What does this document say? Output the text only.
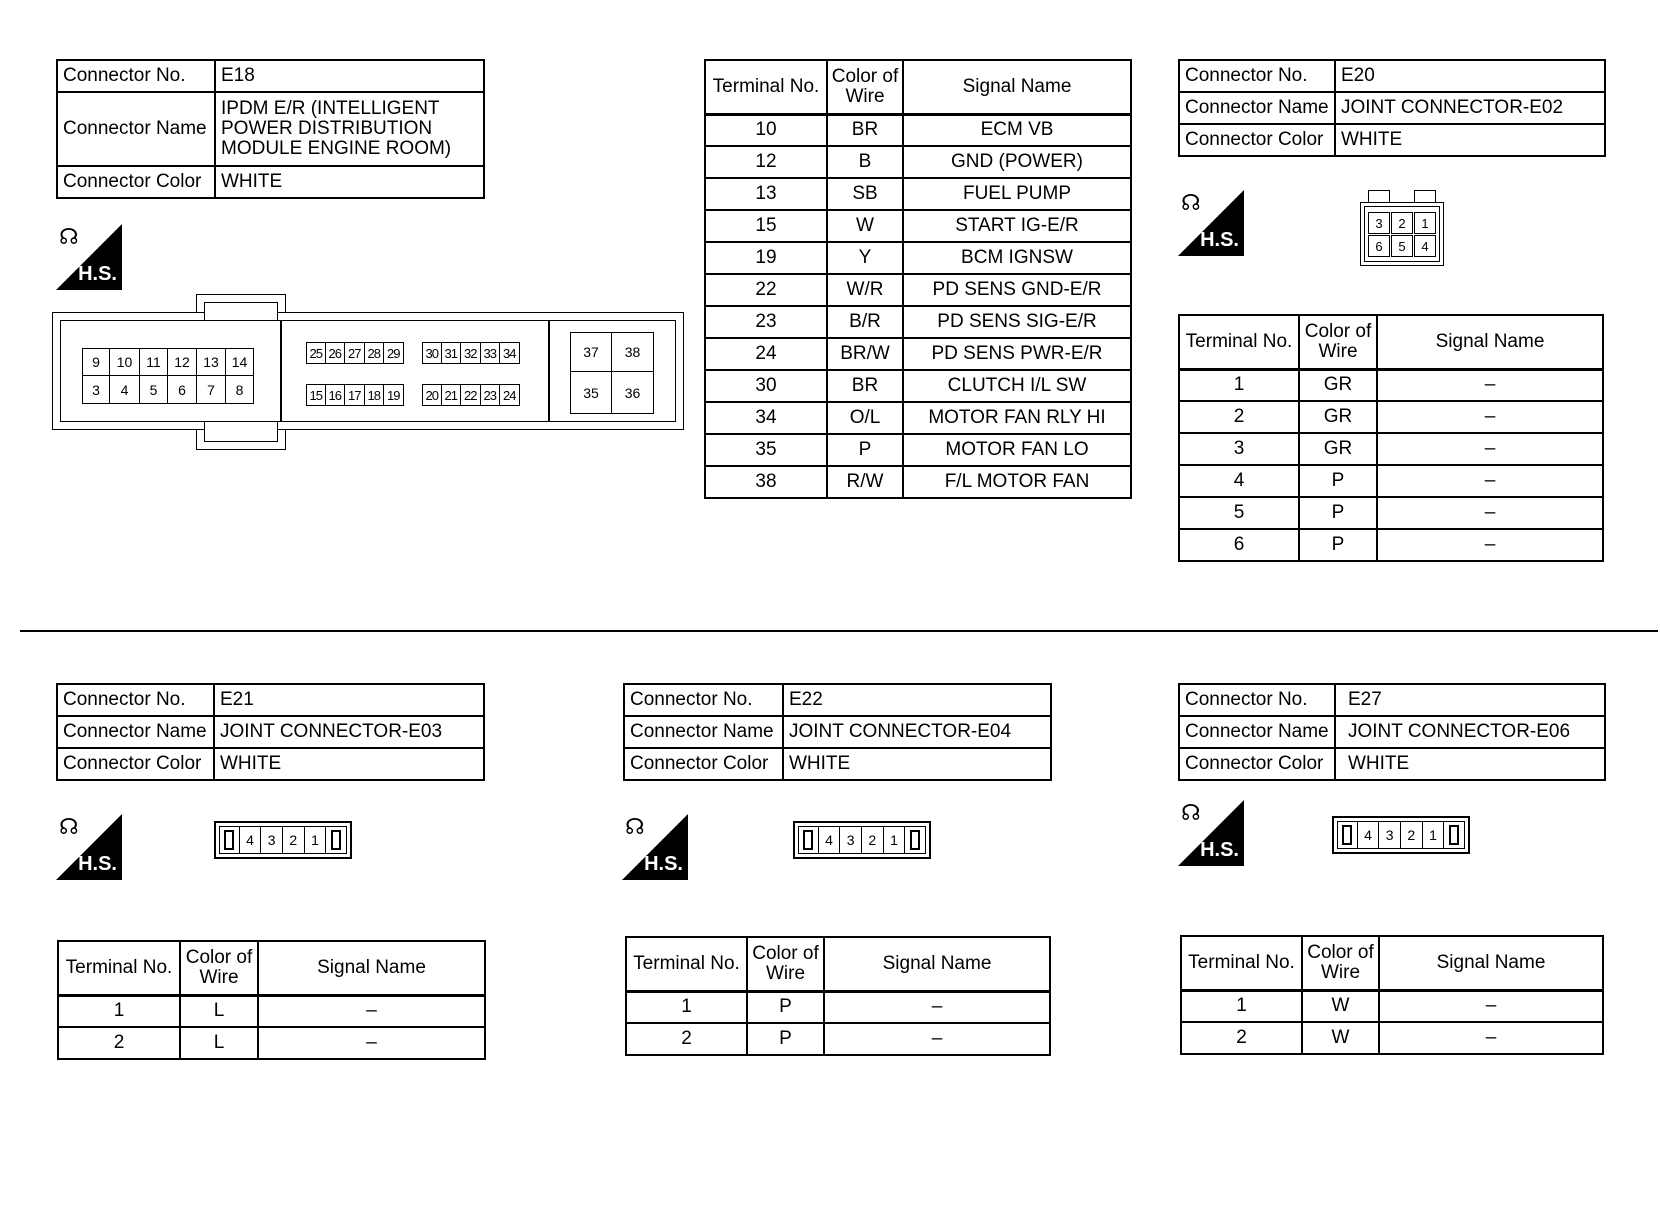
Connector No.	E18
Connector Name	IPDM E/R (INTELLIGENT POWER DISTRIBUTION MODULE ENGINE ROOM)
Connector Color	WHITE
☊
H.S.
9	10 11 12 13 14
3	4	5	6	7	8
25 26 27 28 29	30 31 32 33 34
15 16 17 18 19	20 21 22 23 24
37	38
35	36
Terminal No.	Color of Wire	Signal Name
10	BR	ECM VB
12	B	GND (POWER)
13	SB	FUEL PUMP
15	W	START IG-E/R
19	Y	BCM IGNSW
22	W/R	PD SENS GND-E/R
23	B/R	PD SENS SIG-E/R
24	BR/W	PD SENS PWR-E/R
30	BR	CLUTCH I/L SW
34	O/L	MOTOR FAN RLY HI
35	P	MOTOR FAN LO
38	R/W	F/L MOTOR FAN
Connector No.	E20
Connector Name	JOINT CONNECTOR-E02
Connector Color	WHITE
☊
H.S.
3	2	1
6	5	4
Terminal No.	Color of Wire	Signal Name
1	GR	–
2	GR	–
3	GR	–
4	P	–
5	P	–
6	P	–
Connector No.	E21
Connector Name	JOINT CONNECTOR-E03
Connector Color	WHITE
☊
H.S.
4 3 2 1
Terminal No.	Color of Wire	Signal Name
1	L	–
2	L	–
Connector No.	E22
Connector Name	JOINT CONNECTOR-E04
Connector Color	WHITE
☊
H.S.
4 3 2 1
Terminal No.	Color of Wire	Signal Name
1	P	–
2	P	–
Connector No.	E27
Connector Name	JOINT CONNECTOR-E06
Connector Color	WHITE
☊
H.S.
4 3 2 1
Terminal No.	Color of Wire	Signal Name
1	W	–
2	W	–
